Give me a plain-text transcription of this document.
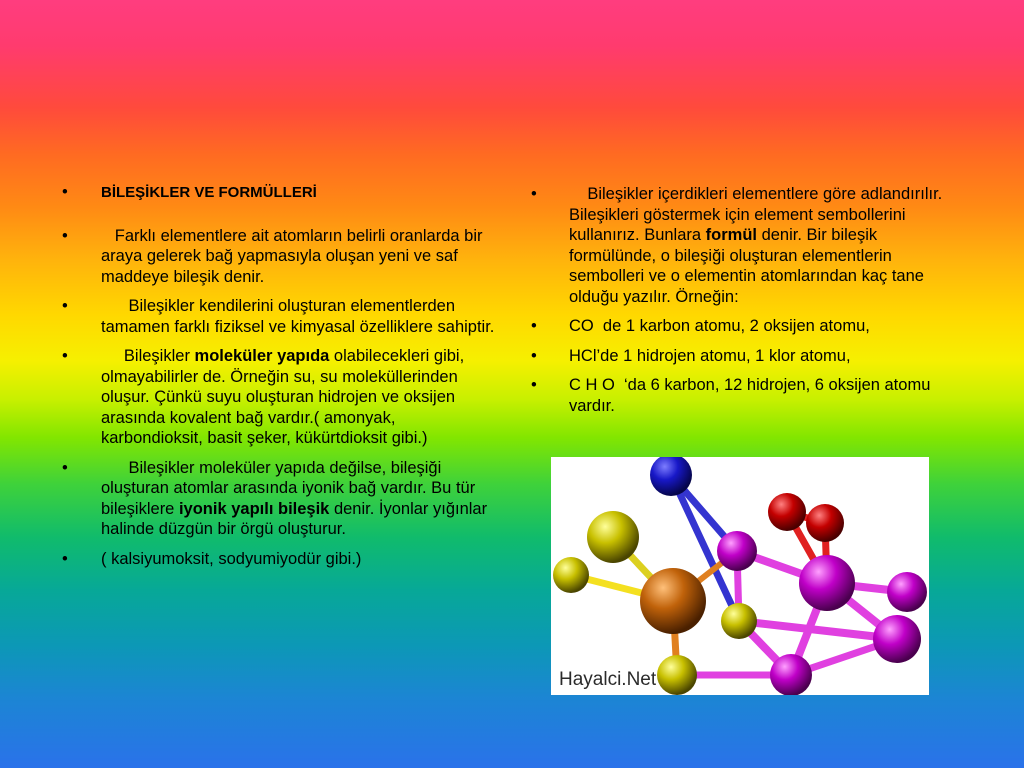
• BİLEŞİKLER VE FORMÜLLERİ
• Farklı elementlere ait atomların belirli oranlarda bir araya gelerek bağ yapmasıyla oluşan yeni ve saf maddeye bileşik denir.
• Bileşikler kendilerini oluşturan elementlerden tamamen farklı fiziksel ve kimyasal özelliklere sahiptir.
• Bileşikler moleküler yapıda olabilecekleri gibi, olmayabilirler de. Örneğin su, su moleküllerinden oluşur. Çünkü suyu oluşturan hidrojen ve oksijen arasında kovalent bağ vardır.( amonyak, karbondioksit, basit şeker, kükürtdioksit gibi.)
• Bileşikler moleküler yapıda değilse, bileşiği oluşturan atomlar arasında iyonik bağ vardır. Bu tür bileşiklere iyonik yapılı bileşik denir. İyonlar yığınlar halinde düzgün bir örgü oluşturur.
• ( kalsiyumoksit, sodyumiyodür gibi.)
• Bileşikler içerdikleri elementlere göre adlandırılır. Bileşikleri göstermek için element sembollerini kullanırız. Bunlara formül denir. Bir bileşik formülünde, o bileşiği oluşturan elementlerin sembolleri ve o elementin atomlarından kaç tane olduğu yazılır. Örneğin:
• CO  de 1 karbon atomu, 2 oksijen atomu,
• HCl’de 1 hidrojen atomu, 1 klor atomu,
• C H O  ‘da 6 karbon, 12 hidrojen, 6 oksijen atomu vardır.
Hayalci.Net
